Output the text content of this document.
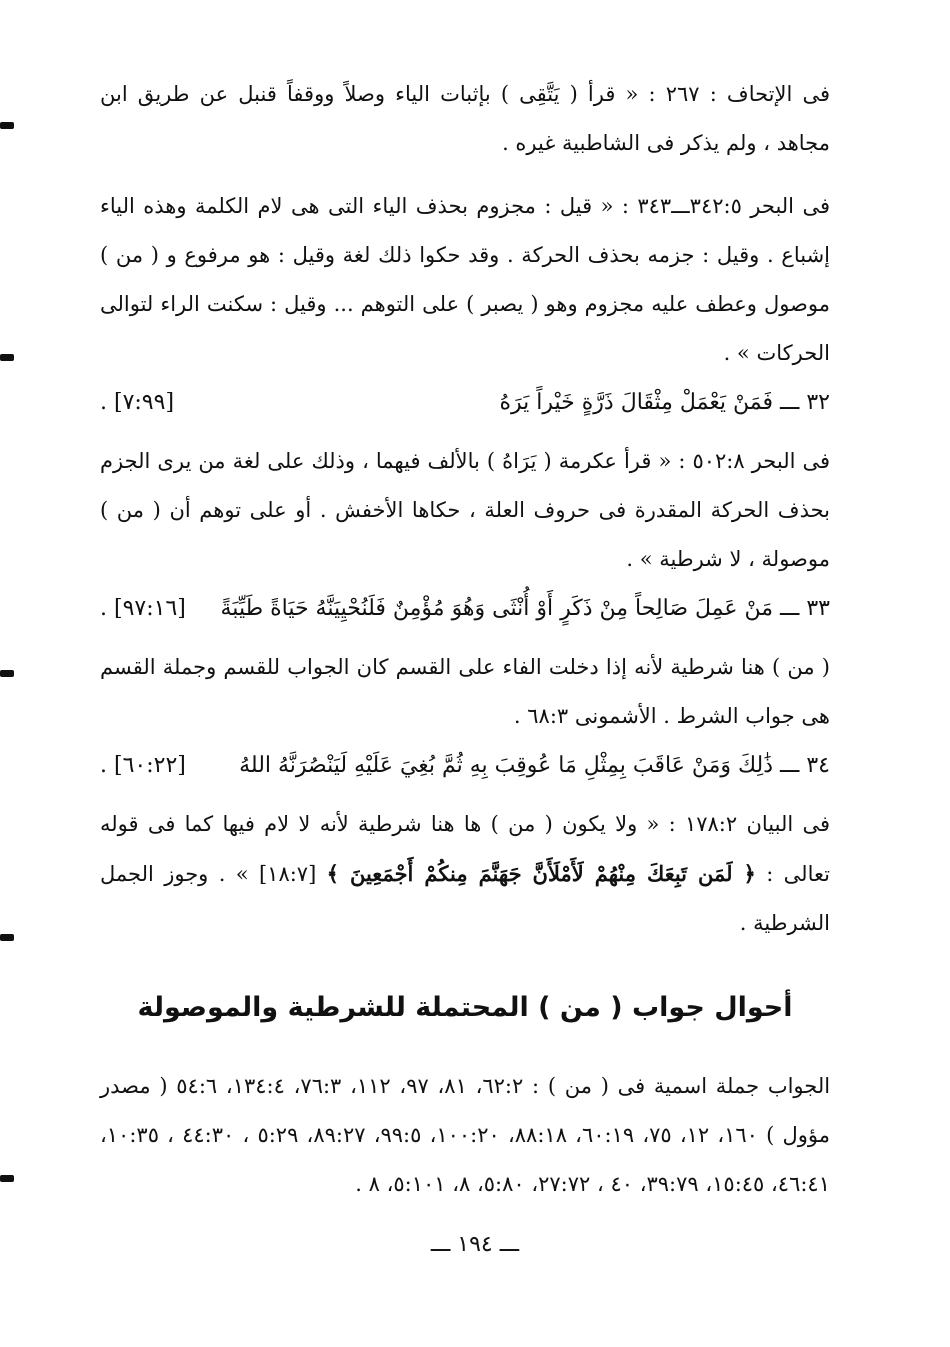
فى الإتحاف : ٢٦٧ : « قرأ ( يَتَّقِى ) بإثبات الياء وصلاً ووقفاً قنبل عن طريق ابن مجاهد ، ولم يذكر فى الشاطبية غيره .

فى البحر ٣٤٢:٥ـــ٣٤٣ : « قيل : مجزوم بحذف الياء التى هى لام الكلمة وهذه الياء إشباع . وقيل : جزمه بحذف الحركة . وقد حكوا ذلك لغة وقيل : هو مرفوع و ( من ) موصول وعطف عليه مجزوم وهو ( يصبر ) على التوهم ... وقيل : سكنت الراء لتوالى الحركات » .

٣٢ ـــ فَمَنْ يَعْمَلْ مِثْقَالَ ذَرَّةٍ خَيْراً يَرَهُ
. [٧:٩٩]

فى البحر ٥٠٢:٨ : « قرأ عكرمة ( يَرَاهُ ) بالألف فيهما ، وذلك على لغة من يرى الجزم بحذف الحركة المقدرة فى حروف العلة ، حكاها الأخفش . أو على توهم أن ( من ) موصولة ، لا شرطية » .

٣٣ ـــ مَنْ عَمِلَ صَالِحاً مِنْ ذَكَرٍ أَوْ أُنْثَى وَهُوَ مُؤْمِنٌ فَلَنُحْيِيَنَّهُ حَيَاةً طَيِّبَةً
. [٩٧:١٦]

( من ) هنا شرطية لأنه إذا دخلت الفاء على القسم كان الجواب للقسم وجملة القسم هى جواب الشرط . الأشمونى ٦٨:٣ .

٣٤ ـــ ذَٰلِكَ وَمَنْ عَاقَبَ بِمِثْلِ مَا عُوقِبَ بِهِ ثُمَّ بُغِيَ عَلَيْهِ لَيَنْصُرَنَّهُ اللهُ
. [٦٠:٢٢]

فى البيان ١٧٨:٢ : « ولا يكون ( من ) ها هنا شرطية لأنه لا لام فيها كما فى قوله تعالى : ﴿ لَمَن تَبِعَكَ مِنْهُمْ لَأَمْلَأَنَّ جَهَنَّمَ مِنكُمْ أَجْمَعِينَ ﴾ [١٨:٧] » . وجوز الجمل الشرطية .

أحوال جواب ( من ) المحتملة للشرطية والموصولة

الجواب جملة اسمية فى ( من ) : ٦٢:٢، ٨١، ٩٧، ١١٢، ٧٦:٣، ١٣٤:٤، ٥٤:٦ ( مصدر مؤول ) ١٦٠، ١٢، ٧٥، ٦٠:١٩، ٨٨:١٨، ١٠٠:٢٠، ٩٩:٥، ٨٩:٢٧، ٥:٢٩ ، ٤٤:٣٠ ، ١٠:٣٥، ٤٦:٤١، ١٥:٤٥، ٣٩:٧٩، ٤٠ ، ٢٧:٧٢، ٥:٨٠، ٨، ٥:١٠١، ٨ .

ـــ ١٩٤ ـــ
